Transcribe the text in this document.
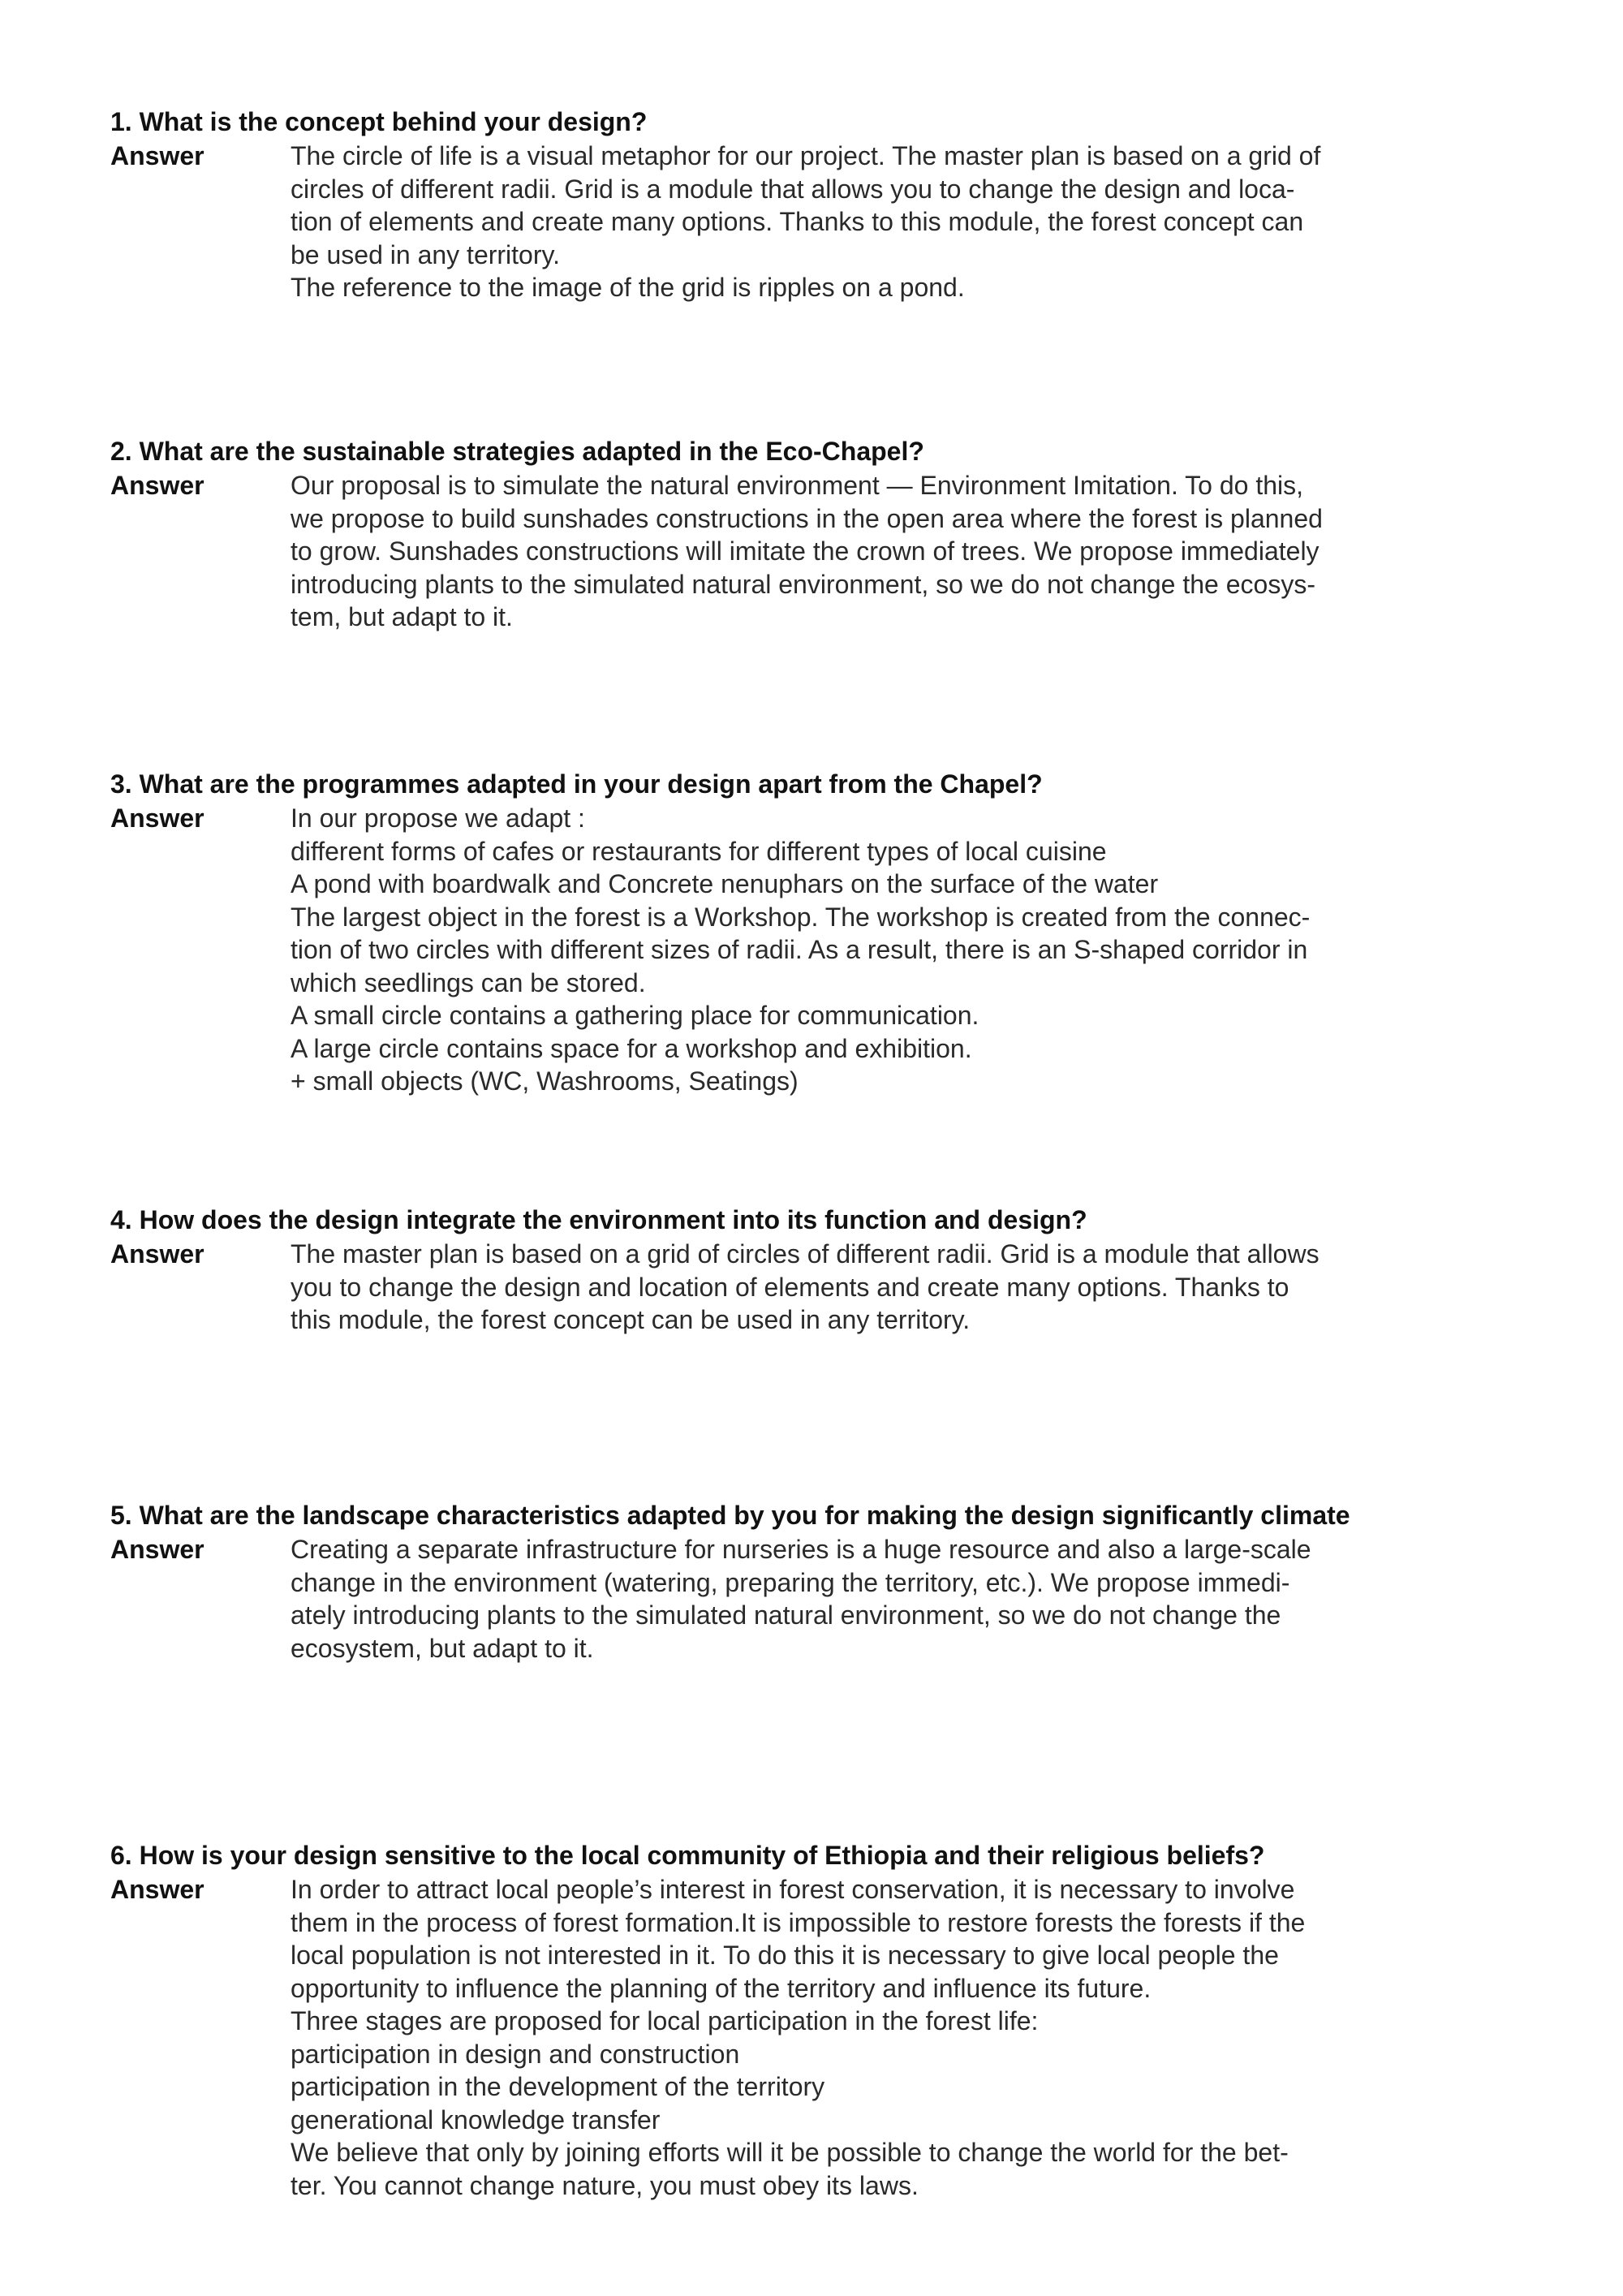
1. What is the concept behind your design?
Answer	The circle of life is a visual metaphor for our project. The master plan is based on a grid of
circles of different radii. Grid is a module that allows you to change the design and loca-
tion of elements and create many options. Thanks to this module, the forest concept can
be used in any territory.
The reference to the image of the grid is ripples on a pond.
2. What are the sustainable strategies adapted in the Eco-Chapel?
Answer	Our proposal is to simulate the natural environment — Environment Imitation. To do this,
we propose to build sunshades constructions in the open area where the forest is planned
to grow. Sunshades constructions will imitate the crown of trees. We propose immediately
introducing plants to the simulated natural environment, so we do not change the ecosys-
tem, but adapt to it.
3. What are the programmes adapted in your design apart from the Chapel?
Answer	In our propose we adapt :
different forms of cafes or restaurants for different types of local cuisine
A pond with boardwalk and Concrete nenuphars on the surface of the water
The largest object in the forest is a Workshop. The workshop is created from the connec-
tion of two circles with different sizes of radii. As a result, there is an S-shaped corridor in
which seedlings can be stored.
A small circle contains a gathering place for communication.
A large circle contains space for a workshop and exhibition.
+ small objects (WC, Washrooms, Seatings)
4. How does the design integrate the environment into its function and design?
Answer	The master plan is based on a grid of circles of different radii. Grid is a module that allows
you to change the design and location of elements and create many options. Thanks to
this module, the forest concept can be used in any territory.
5. What are the landscape characteristics adapted by you for making the design significantly climate
Answer	Creating a separate infrastructure for nurseries is a huge resource and also a large-scale
change in the environment (watering, preparing the territory, etc.). We propose immedi-
ately introducing plants to the simulated natural environment, so we do not change the
ecosystem, but adapt to it.
6. How is your design sensitive to the local community of Ethiopia and their religious beliefs?
Answer	In order to attract local people’s interest in forest conservation, it is necessary to involve
them in the process of forest formation.It is impossible to restore forests the forests if the
local population is not interested in it. To do this it is necessary to give local people the
opportunity to influence the planning of the territory and influence its future.
Three stages are proposed for local participation in the forest life:
participation in design and construction
participation in the development of the territory
generational knowledge transfer
We believe that only by joining efforts will it be possible to change the world for the bet-
ter. You cannot change nature, you must obey its laws.
